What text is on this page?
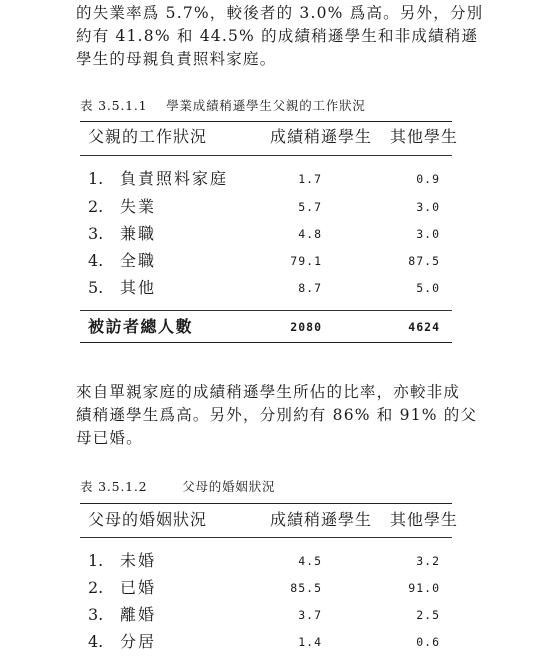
的失業率爲 5.7%，較後者的 3.0% 爲高。另外，分別

約有 41.8% 和 44.5% 的成績稍遜學生和非成績稍遜

學生的母親負責照料家庭。

表 3.5.1.1 學業成績稍遜學生父親的工作狀況
父親的工作狀況	成績稍遜學生 其他學生
1. 負責照料家庭	1.7	0.9
2. 失業	5.7	3.0
3. 兼職	4.8	3.0
4. 全職	79.1	87.5
5. 其他	8.7	5.0
被訪者總人數	2080	4624

來自單親家庭的成績稍遜學生所佔的比率，亦較非成

績稍遜學生爲高。另外，分別約有 86% 和 91% 的父

母已婚。

表 3.5.1.2	父母的婚姻狀況
父母的婚姻狀況	成績稍遜學生 其他學生
1. 未婚	4.5	3.2
2. 已婚	85.5	91.0
3. 離婚	3.7	2.5
4. 分居	1.4	0.6
